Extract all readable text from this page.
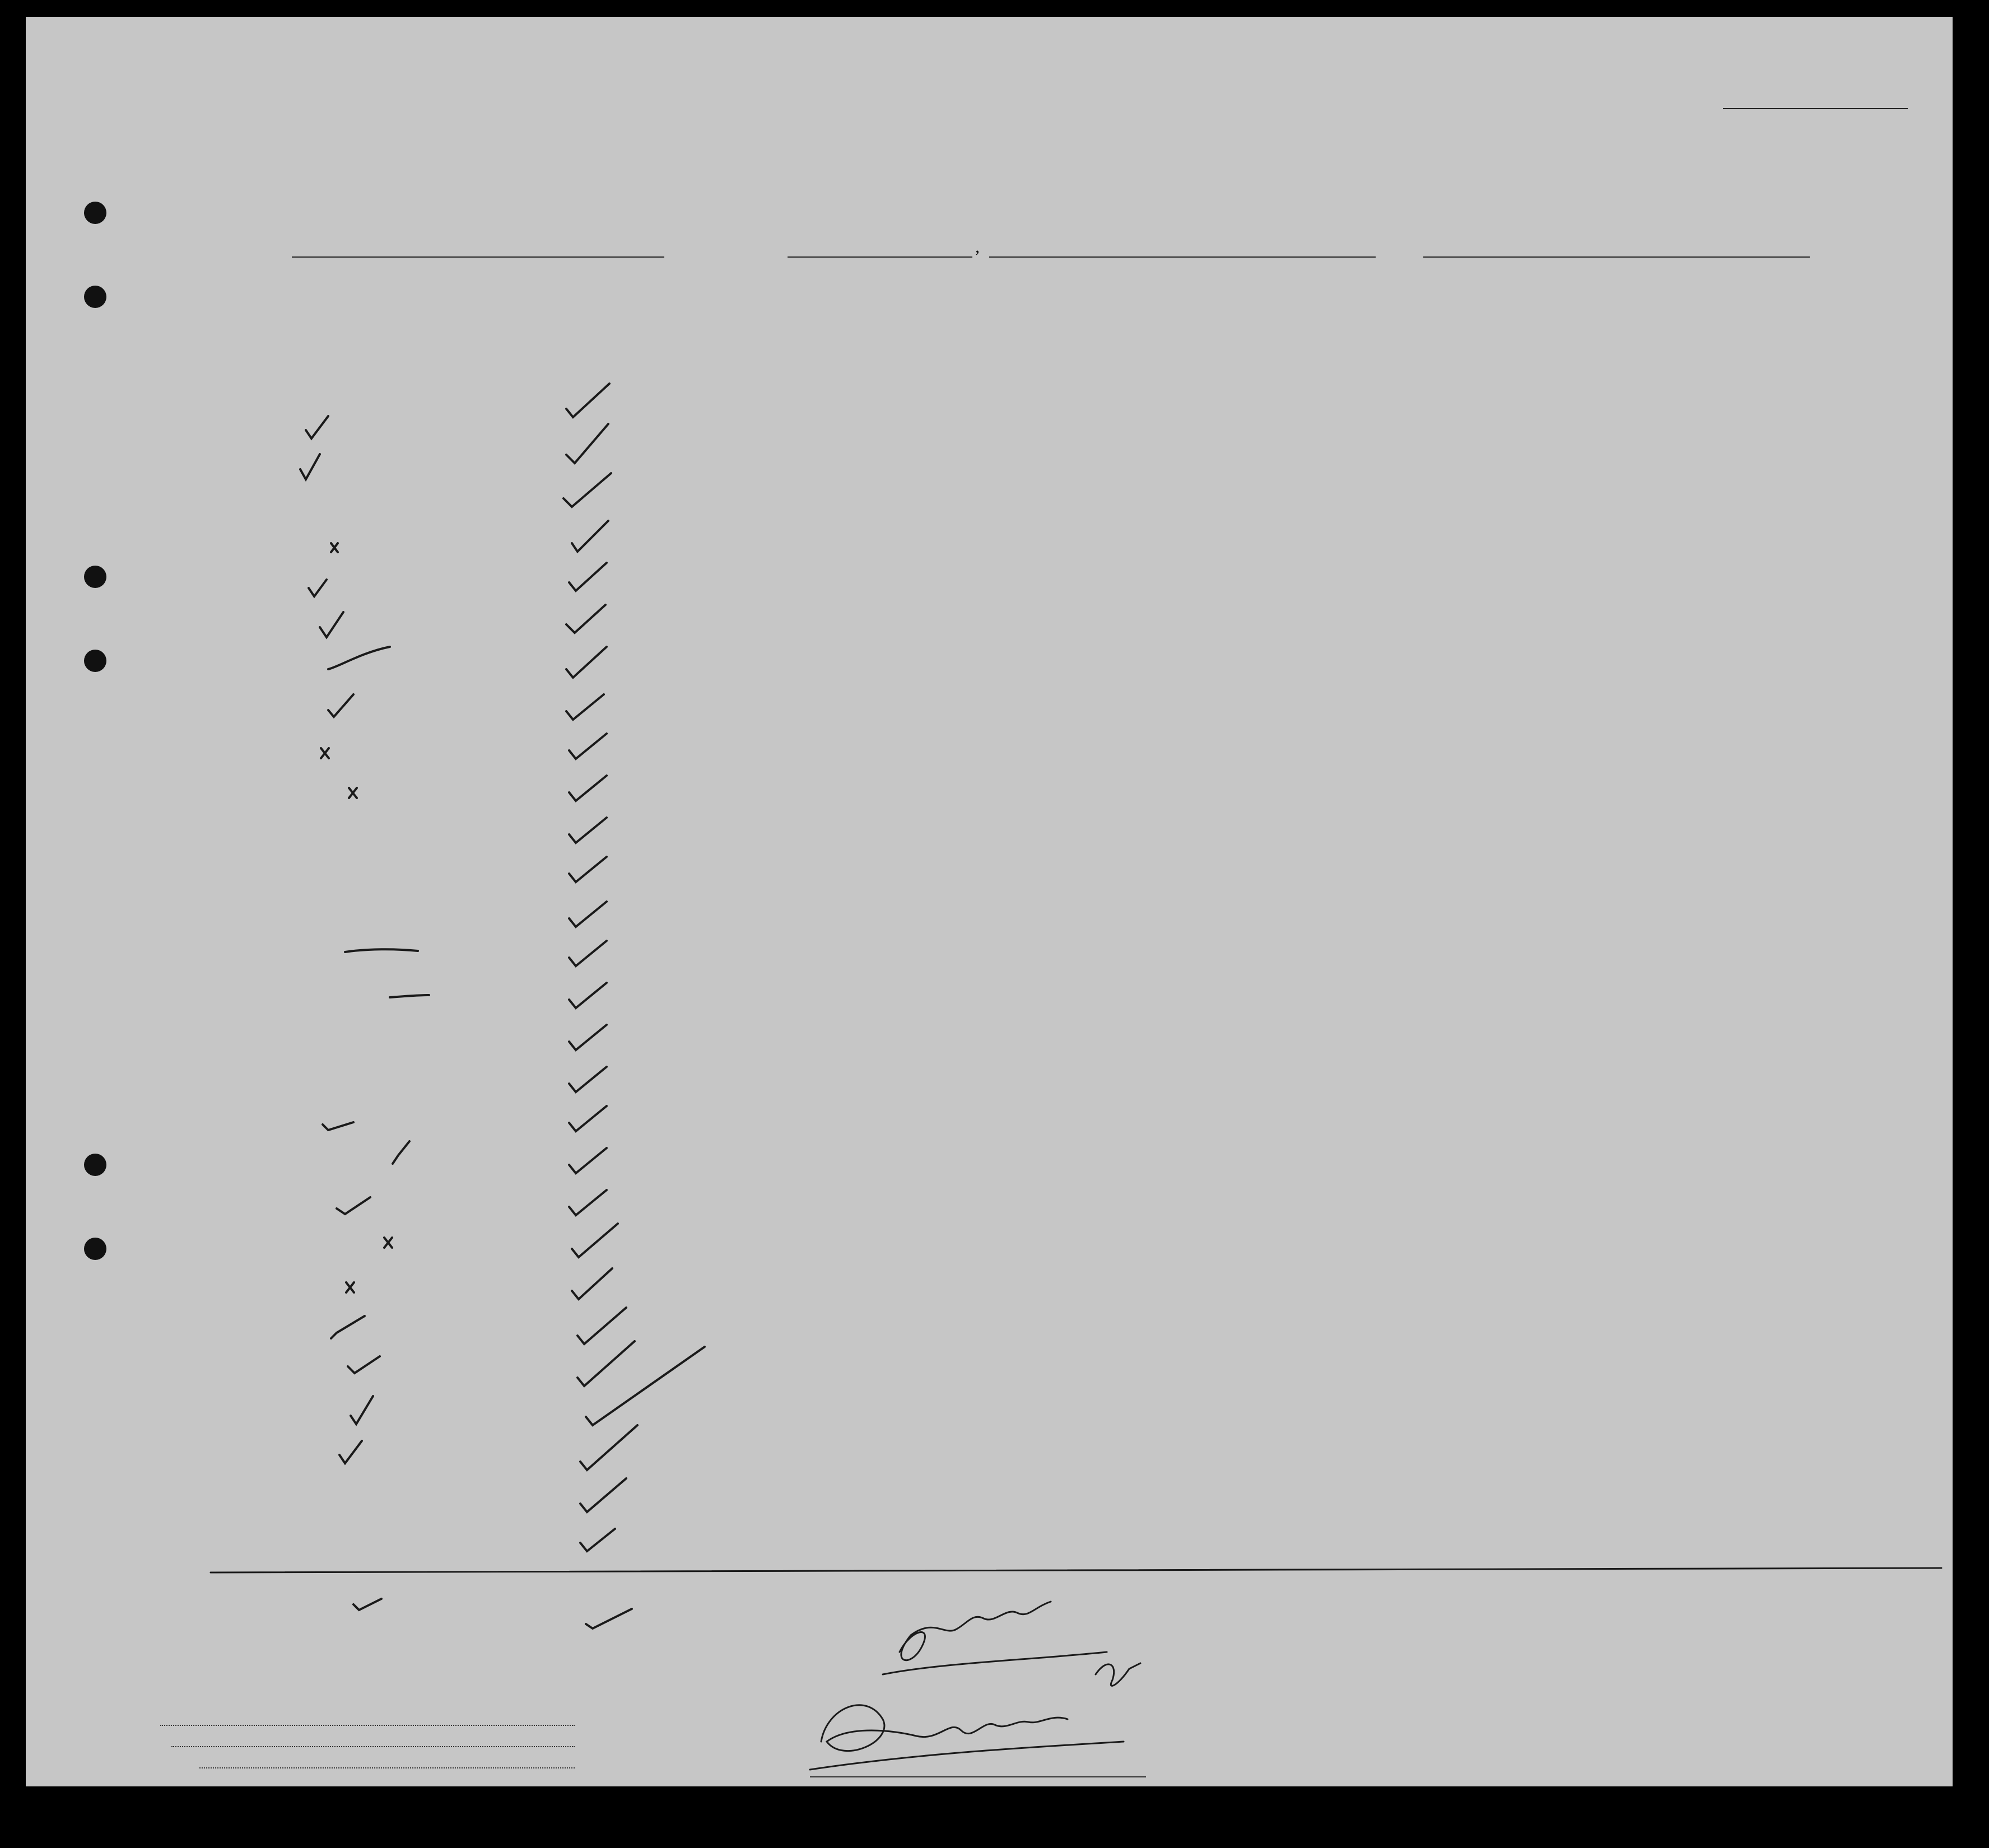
,
